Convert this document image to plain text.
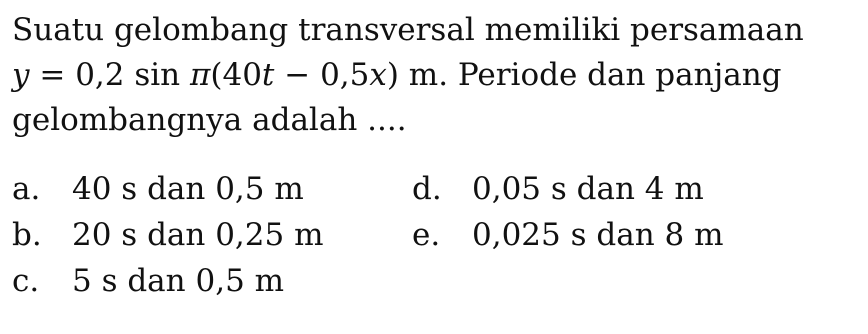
Suatu gelombang transversal memiliki persamaan
y = 0,2 sin π(40t − 0,5x) m. Periode dan panjang
gelombangnya adalah ....
a. 40 s dan 0,5 m	d. 0,05 s dan 4 m
b. 20 s dan 0,25 m	e. 0,025 s dan 8 m
c. 5 s dan 0,5 m
